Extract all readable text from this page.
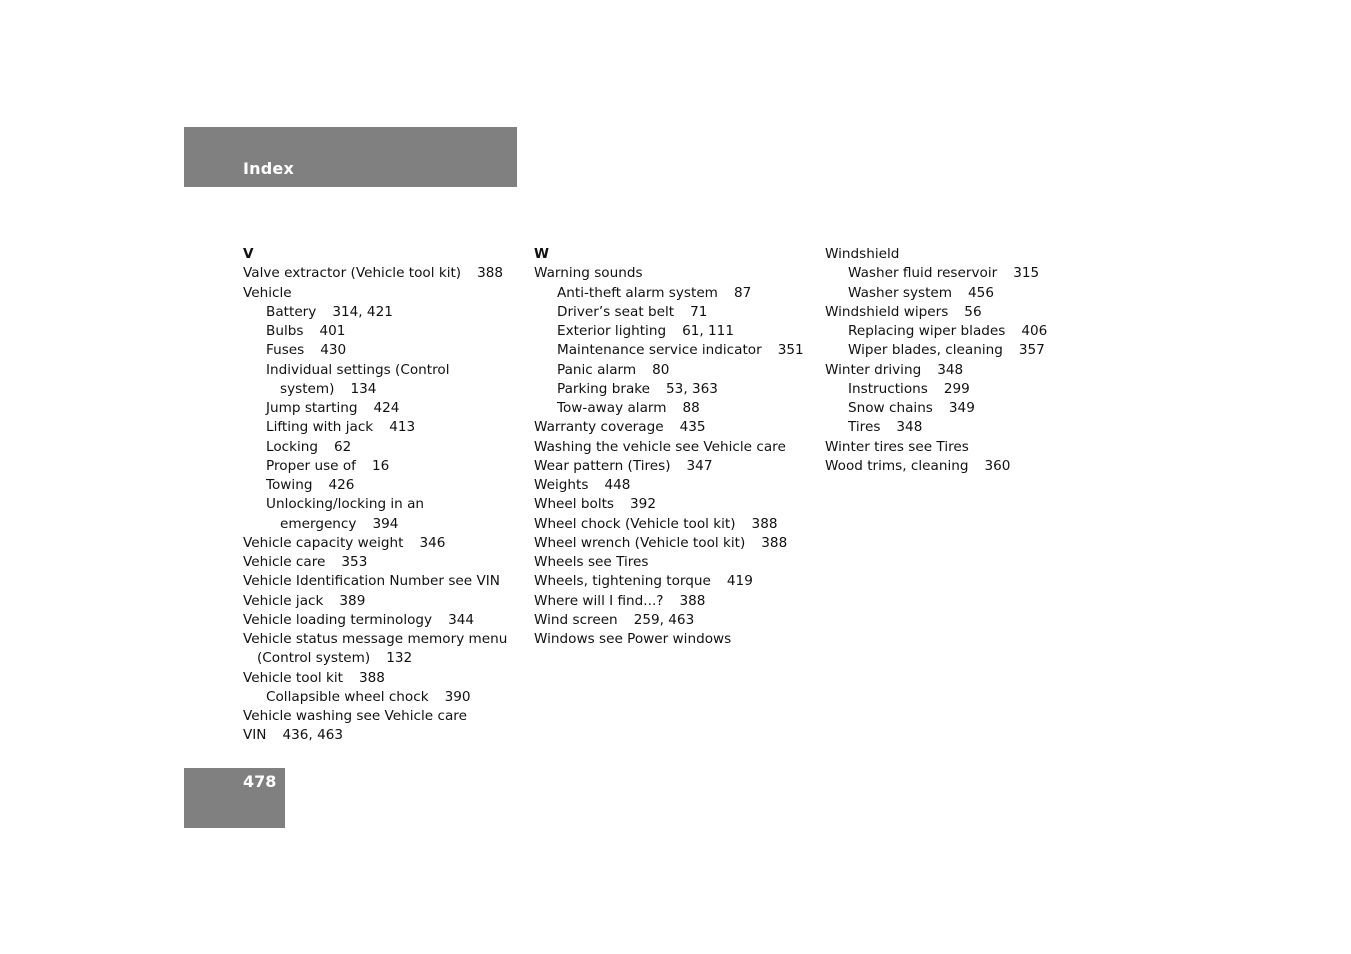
Index
V
Valve extractor (Vehicle tool kit) 388
Vehicle
Battery 314, 421
Bulbs 401
Fuses 430
Individual settings (Control
system) 134
Jump starting 424
Lifting with jack 413
Locking 62
Proper use of 16
Towing 426
Unlocking/locking in an
emergency 394
Vehicle capacity weight 346
Vehicle care 353
Vehicle Identification Number see VIN
Vehicle jack 389
Vehicle loading terminology 344
Vehicle status message memory menu
(Control system) 132
Vehicle tool kit 388
Collapsible wheel chock 390
Vehicle washing see Vehicle care
VIN 436, 463
W
Warning sounds
Anti-theft alarm system 87
Driver’s seat belt 71
Exterior lighting 61, 111
Maintenance service indicator 351
Panic alarm 80
Parking brake 53, 363
Tow-away alarm 88
Warranty coverage 435
Washing the vehicle see Vehicle care
Wear pattern (Tires) 347
Weights 448
Wheel bolts 392
Wheel chock (Vehicle tool kit) 388
Wheel wrench (Vehicle tool kit) 388
Wheels see Tires
Wheels, tightening torque 419
Where will I find...? 388
Wind screen 259, 463
Windows see Power windows
Windshield
Washer fluid reservoir 315
Washer system 456
Windshield wipers 56
Replacing wiper blades 406
Wiper blades, cleaning 357
Winter driving 348
Instructions 299
Snow chains 349
Tires 348
Winter tires see Tires
Wood trims, cleaning 360
478
